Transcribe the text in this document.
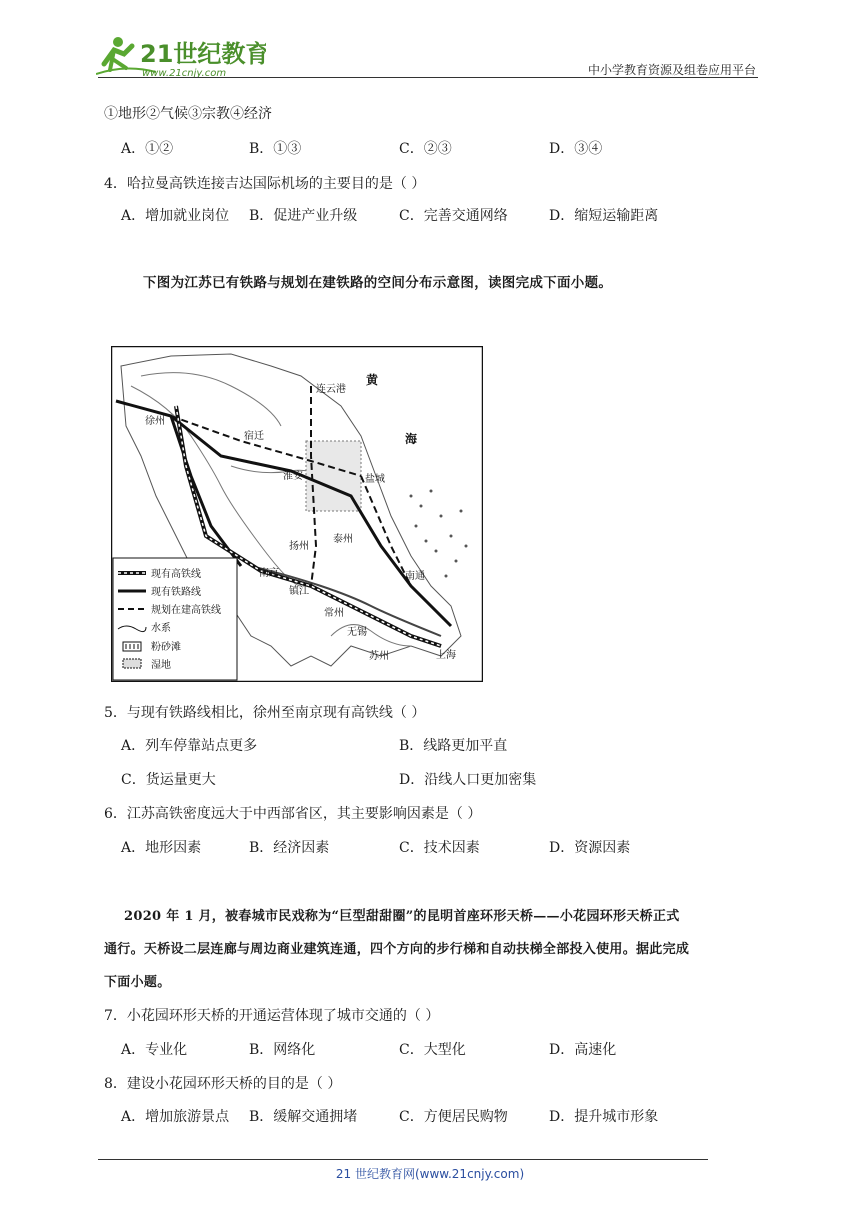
21世纪教育
www.21cnjy.com	中小学教育资源及组卷应用平台
①地形②气候③宗教④经济
A．①②	B．①③	C．②③	D．③④
4．哈拉曼高铁连接吉达国际机场的主要目的是（ ）
A．增加就业岗位 B．促进产业升级	C．完善交通网络	D．缩短运输距离
下图为江苏已有铁路与规划在建铁路的空间分布示意图，读图完成下面小题。
连云港
徐州
宿迁
淮安	盐城
扬州
泰州
南京
镇江
南通
常州
无锡
苏州	上海
黄
海
现有高铁线
现有铁路线
规划在建高铁线
水系
粉砂滩
湿地
5．与现有铁路线相比，徐州至南京现有高铁线（ ）
A．列车停靠站点更多	B．线路更加平直
C．货运量更大	D．沿线人口更加密集
6．江苏高铁密度远大于中西部省区，其主要影响因素是（ ）
A．地形因素	B．经济因素	C．技术因素	D．资源因素
2020 年 1 月，被春城市民戏称为“巨型甜甜圈”的昆明首座环形天桥——小花园环形天桥正式
通行。天桥设二层连廊与周边商业建筑连通，四个方向的步行梯和自动扶梯全部投入使用。据此完成
下面小题。
7．小花园环形天桥的开通运营体现了城市交通的（ ）
A．专业化	B．网络化	C．大型化	D．高速化
8．建设小花园环形天桥的目的是（ ）
A．增加旅游景点 B．缓解交通拥堵	C．方便居民购物	D．提升城市形象
21 世纪教育网(www.21cnjy.com)
